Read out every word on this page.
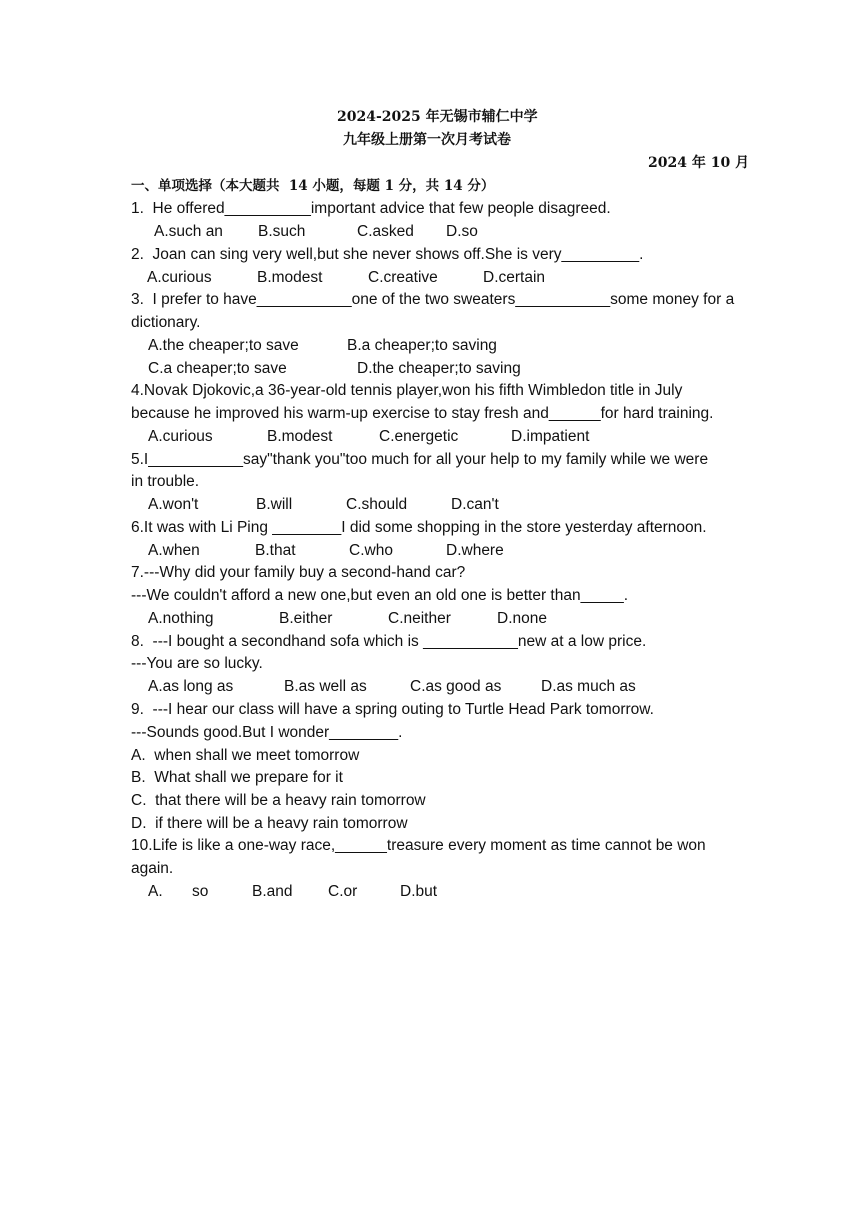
2024-2025 年无锡市辅仁中学
九年级上册第一次月考试卷
2024 年 10 月
一、单项选择（本大题共  14 小题，每题 1 分，共 14 分）
1.  He offered__________important advice that few people disagreed.
A.such an B.such	C.asked D.so
2.  Joan can sing very well,but she never shows off.She is very_________.
A.curious	B.modest	C.creative	D.certain
3.  I prefer to have___________one of the two sweaters___________some money for a
dictionary.
A.the cheaper;to save	B.a cheaper;to saving
C.a cheaper;to save	D.the cheaper;to saving
4.Novak Djokovic,a 36-year-old tennis player,won his fifth Wimbledon title in July
because he improved his warm-up exercise to stay fresh and______for hard training.
A.curious	B.modest	C.energetic	D.impatient
5.I___________say"thank you"too much for all your help to my family while we were
in trouble.
A.won't	B.will	C.should	D.can't
6.It was with Li Ping ________I did some shopping in the store yesterday afternoon.
A.when	B.that	C.who	D.where
7.---Why did your family buy a second-hand car?
---We couldn't afford a new one,but even an old one is better than_____.
A.nothing	B.either	C.neither	D.none
8.  ---I bought a secondhand sofa which is ___________new at a low price.
---You are so lucky.
A.as long as	B.as well as	C.as good as	D.as much as
9.  ---I hear our class will have a spring outing to Turtle Head Park tomorrow.
---Sounds good.But I wonder________.
A.  when shall we meet tomorrow
B.  What shall we prepare for it
C.  that there will be a heavy rain tomorrow
D.  if there will be a heavy rain tomorrow
10.Life is like a one-way race,______treasure every moment as time cannot be won
again.
A. so	B.and C.or	D.but
